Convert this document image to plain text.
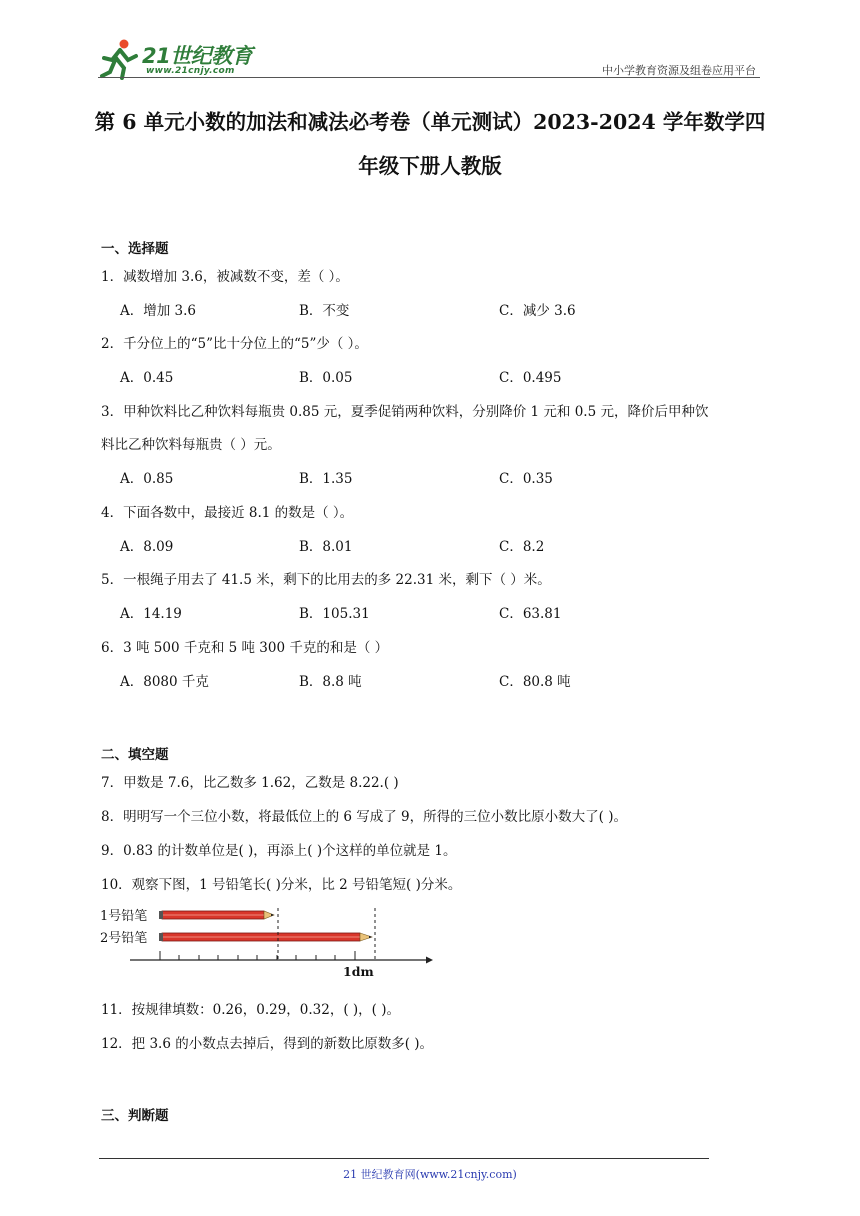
21世纪教育
www.21cnjy.com	中小学教育资源及组卷应用平台
第 6 单元小数的加法和减法必考卷（单元测试）2023-2024 学年数学四
年级下册人教版
一、选择题
1．减数增加 3.6，被减数不变，差（ ）。
A．增加 3.6	B．不变	C．减少 3.6
2．千分位上的“5”比十分位上的“5”少（ ）。
A．0.45	B．0.05	C．0.495
3．甲种饮料比乙种饮料每瓶贵 0.85 元，夏季促销两种饮料，分别降价 1 元和 0.5 元，降价后甲种饮
料比乙种饮料每瓶贵（ ）元。
A．0.85	B．1.35	C．0.35
4．下面各数中，最接近 8.1 的数是（ ）。
A．8.09	B．8.01	C．8.2
5．一根绳子用去了 41.5 米，剩下的比用去的多 22.31 米，剩下（ ）米。
A．14.19	B．105.31	C．63.81
6．3 吨 500 千克和 5 吨 300 千克的和是（ ）
A．8080 千克	B．8.8 吨	C．80.8 吨
二、填空题
7．甲数是 7.6，比乙数多 1.62，乙数是 8.22.( )
8．明明写一个三位小数，将最低位上的 6 写成了 9，所得的三位小数比原小数大了( )。
9．0.83 的计数单位是( )，再添上( )个这样的单位就是 1。
10．观察下图，1 号铅笔长( )分米，比 2 号铅笔短( )分米。
1号铅笔
2号铅笔
1dm
11．按规律填数：0.26，0.29，0.32，( )，( )。
12．把 3.6 的小数点去掉后，得到的新数比原数多( )。
三、判断题
21 世纪教育网(www.21cnjy.com)
